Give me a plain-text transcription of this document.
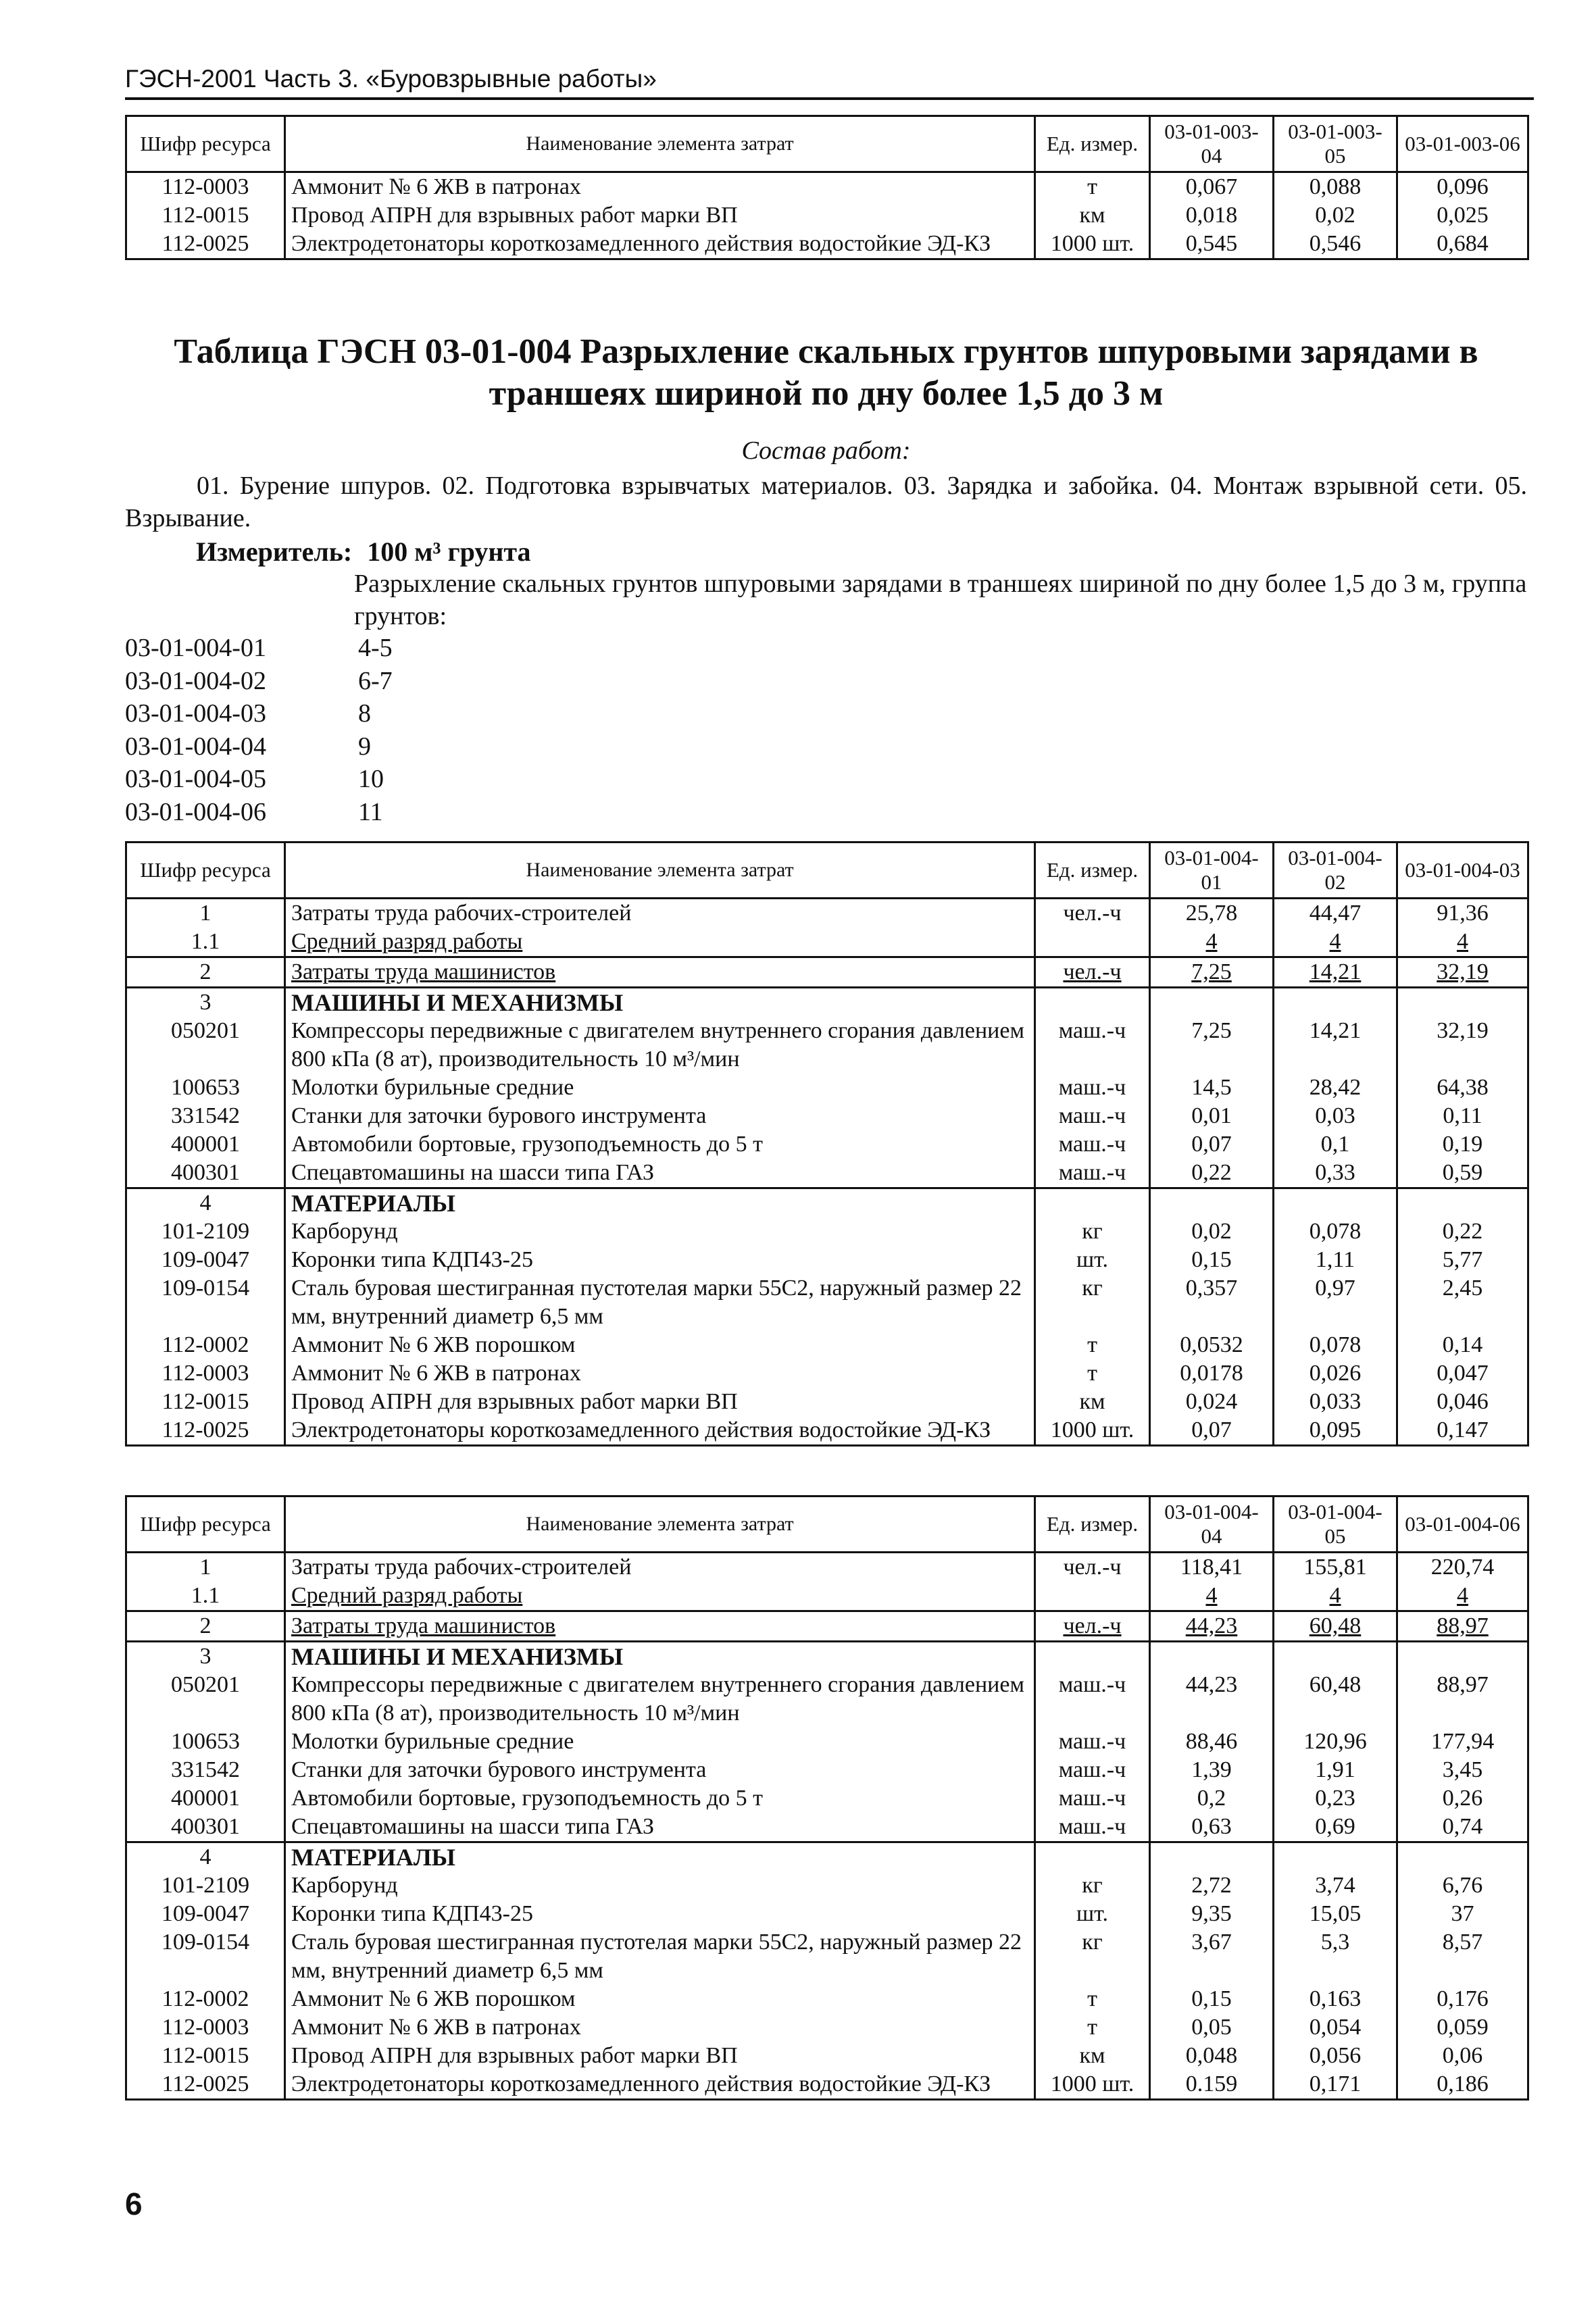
ГЭСН-2001 Часть 3. «Буровзрывные работы»
Шифр ресурса	Наименование элемента затрат	Ед. измер.	03-01-003-04	03-01-003-05	03-01-003-06
112-0003	Аммонит № 6 ЖВ в патронах	т	0,067	0,088	0,096
112-0015	Провод АПРН для взрывных работ марки ВП	км	0,018	0,02	0,025
112-0025	Электродетонаторы короткозамедленного действия водостойкие ЭД-КЗ	1000 шт.	0,545	0,546	0,684
Таблица ГЭСН 03-01-004 Разрыхление скальных грунтов шпуровыми зарядами в траншеях шириной по дну более 1,5 до 3 м
Состав работ:
01. Бурение шпуров. 02. Подготовка взрывчатых материалов. 03. Зарядка и забойка. 04. Монтаж взрывной сети. 05. Взрывание.
Измеритель: 100 м³ грунта
Разрыхление скальных грунтов шпуровыми зарядами в траншеях шириной по дну более 1,5 до 3 м, группа грунтов:
03-01-004-01	4-5
03-01-004-02	6-7
03-01-004-03	8
03-01-004-04	9
03-01-004-05	10
03-01-004-06	11
Шифр ресурса	Наименование элемента затрат	Ед. измер.	03-01-004-01	03-01-004-02	03-01-004-03
1	Затраты труда рабочих-строителей	чел.-ч	25,78	44,47	91,36
1.1	Средний разряд работы		4	4	4
2	Затраты труда машинистов	чел.-ч	7,25	14,21	32,19
3	МАШИНЫ И МЕХАНИЗМЫ				
050201	Компрессоры передвижные с двигателем внутреннего сгорания давлением 800 кПа (8 ат), производительность 10 м³/мин	маш.-ч	7,25	14,21	32,19
100653	Молотки бурильные средние	маш.-ч	14,5	28,42	64,38
331542	Станки для заточки бурового инструмента	маш.-ч	0,01	0,03	0,11
400001	Автомобили бортовые, грузоподъемность до 5 т	маш.-ч	0,07	0,1	0,19
400301	Спецавтомашины на шасси типа ГАЗ	маш.-ч	0,22	0,33	0,59
4	МАТЕРИАЛЫ				
101-2109	Карборунд	кг	0,02	0,078	0,22
109-0047	Коронки типа КДП43-25	шт.	0,15	1,11	5,77
109-0154	Сталь буровая шестигранная пустотелая марки 55С2, наружный размер 22 мм, внутренний диаметр 6,5 мм	кг	0,357	0,97	2,45
112-0002	Аммонит № 6 ЖВ порошком	т	0,0532	0,078	0,14
112-0003	Аммонит № 6 ЖВ в патронах	т	0,0178	0,026	0,047
112-0015	Провод АПРН для взрывных работ марки ВП	км	0,024	0,033	0,046
112-0025	Электродетонаторы короткозамедленного действия водостойкие ЭД-КЗ	1000 шт.	0,07	0,095	0,147
Шифр ресурса	Наименование элемента затрат	Ед. измер.	03-01-004-04	03-01-004-05	03-01-004-06
1	Затраты труда рабочих-строителей	чел.-ч	118,41	155,81	220,74
1.1	Средний разряд работы		4	4	4
2	Затраты труда машинистов	чел.-ч	44,23	60,48	88,97
3	МАШИНЫ И МЕХАНИЗМЫ				
050201	Компрессоры передвижные с двигателем внутреннего сгорания давлением 800 кПа (8 ат), производительность 10 м³/мин	маш.-ч	44,23	60,48	88,97
100653	Молотки бурильные средние	маш.-ч	88,46	120,96	177,94
331542	Станки для заточки бурового инструмента	маш.-ч	1,39	1,91	3,45
400001	Автомобили бортовые, грузоподъемность до 5 т	маш.-ч	0,2	0,23	0,26
400301	Спецавтомашины на шасси типа ГАЗ	маш.-ч	0,63	0,69	0,74
4	МАТЕРИАЛЫ				
101-2109	Карборунд	кг	2,72	3,74	6,76
109-0047	Коронки типа КДП43-25	шт.	9,35	15,05	37
109-0154	Сталь буровая шестигранная пустотелая марки 55С2, наружный размер 22 мм, внутренний диаметр 6,5 мм	кг	3,67	5,3	8,57
112-0002	Аммонит № 6 ЖВ порошком	т	0,15	0,163	0,176
112-0003	Аммонит № 6 ЖВ в патронах	т	0,05	0,054	0,059
112-0015	Провод АПРН для взрывных работ марки ВП	км	0,048	0,056	0,06
112-0025	Электродетонаторы короткозамедленного действия водостойкие ЭД-КЗ	1000 шт.	0.159	0,171	0,186
6
